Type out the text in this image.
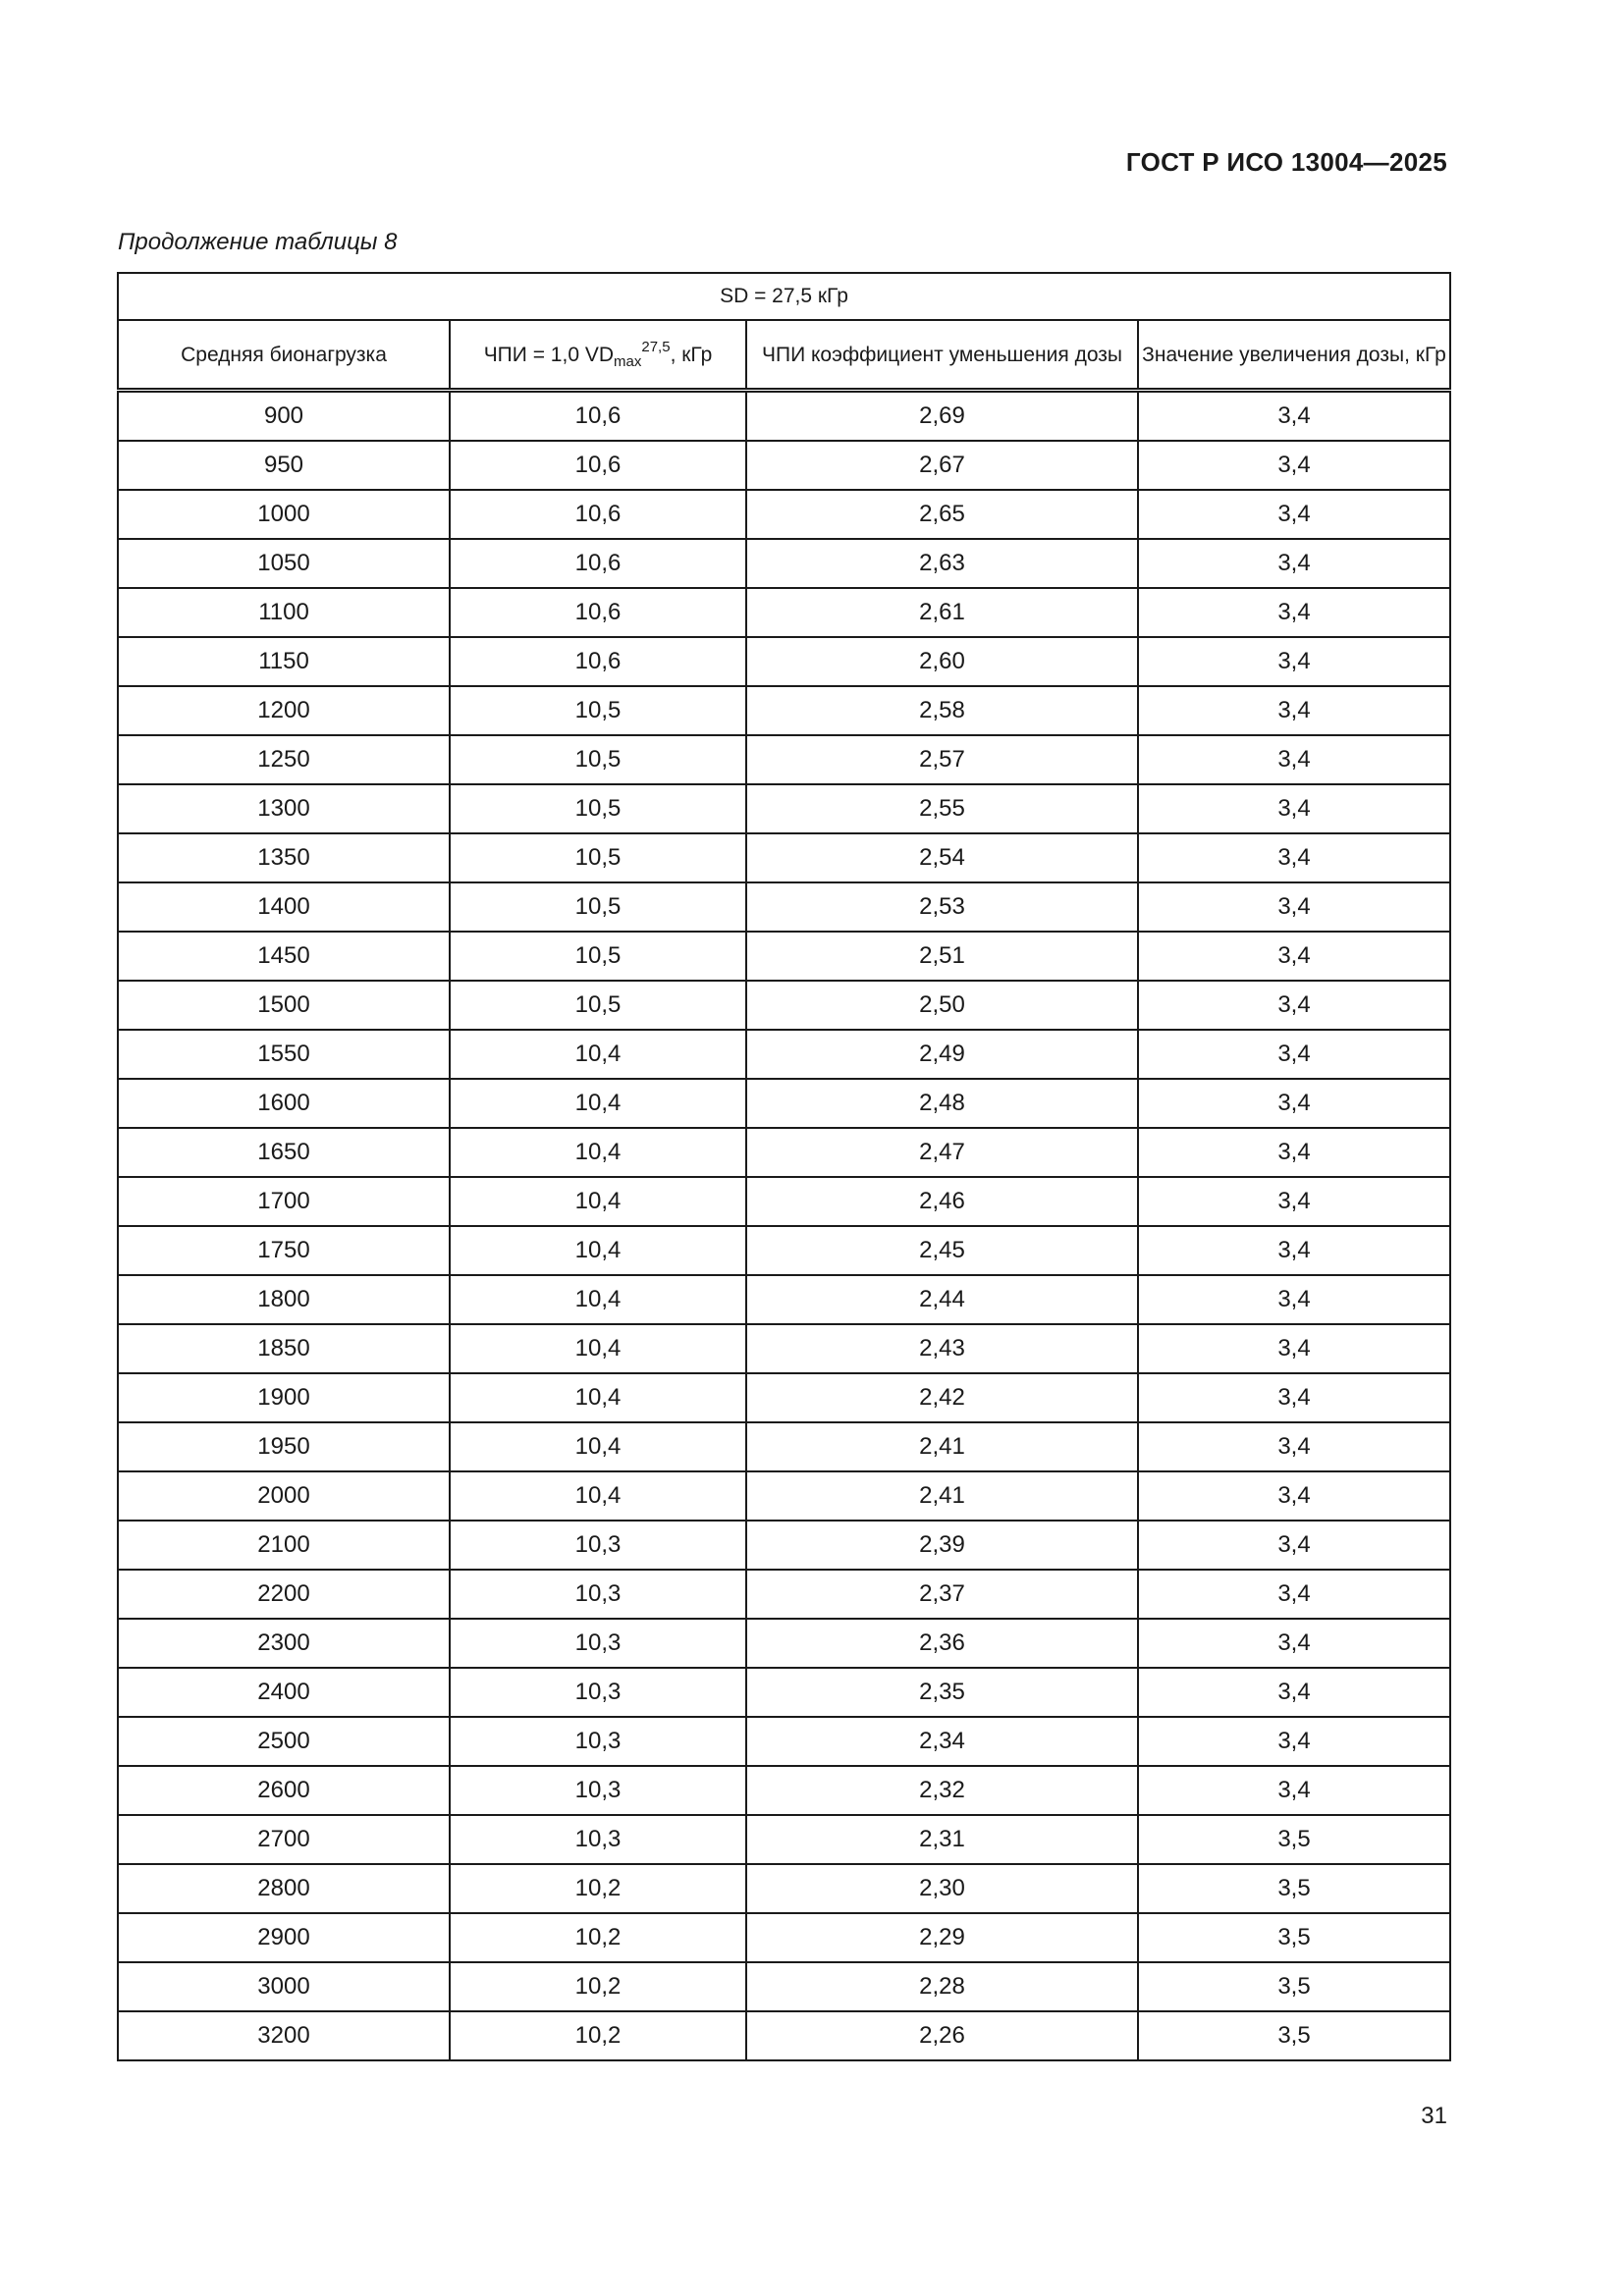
ГОСТ Р ИСО 13004—2025
Продолжение таблицы 8
SD = 27,5 кГр			
Средняя бионагрузка	ЧПИ = 1,0 $VD_{max}^{27,5}$, кГр	ЧПИ коэффициент уменьшения дозы	Значение увеличения дозы, кГр
900	10,6	2,69	3,4
950	10,6	2,67	3,4
1000	10,6	2,65	3,4
1050	10,6	2,63	3,4
1100	10,6	2,61	3,4
1150	10,6	2,60	3,4
1200	10,5	2,58	3,4
1250	10,5	2,57	3,4
1300	10,5	2,55	3,4
1350	10,5	2,54	3,4
1400	10,5	2,53	3,4
1450	10,5	2,51	3,4
1500	10,5	2,50	3,4
1550	10,4	2,49	3,4
1600	10,4	2,48	3,4
1650	10,4	2,47	3,4
1700	10,4	2,46	3,4
1750	10,4	2,45	3,4
1800	10,4	2,44	3,4
1850	10,4	2,43	3,4
1900	10,4	2,42	3,4
1950	10,4	2,41	3,4
2000	10,4	2,41	3,4
2100	10,3	2,39	3,4
2200	10,3	2,37	3,4
2300	10,3	2,36	3,4
2400	10,3	2,35	3,4
2500	10,3	2,34	3,4
2600	10,3	2,32	3,4
2700	10,3	2,31	3,5
2800	10,2	2,30	3,5
2900	10,2	2,29	3,5
3000	10,2	2,28	3,5
3200	10,2	2,26	3,5
31
